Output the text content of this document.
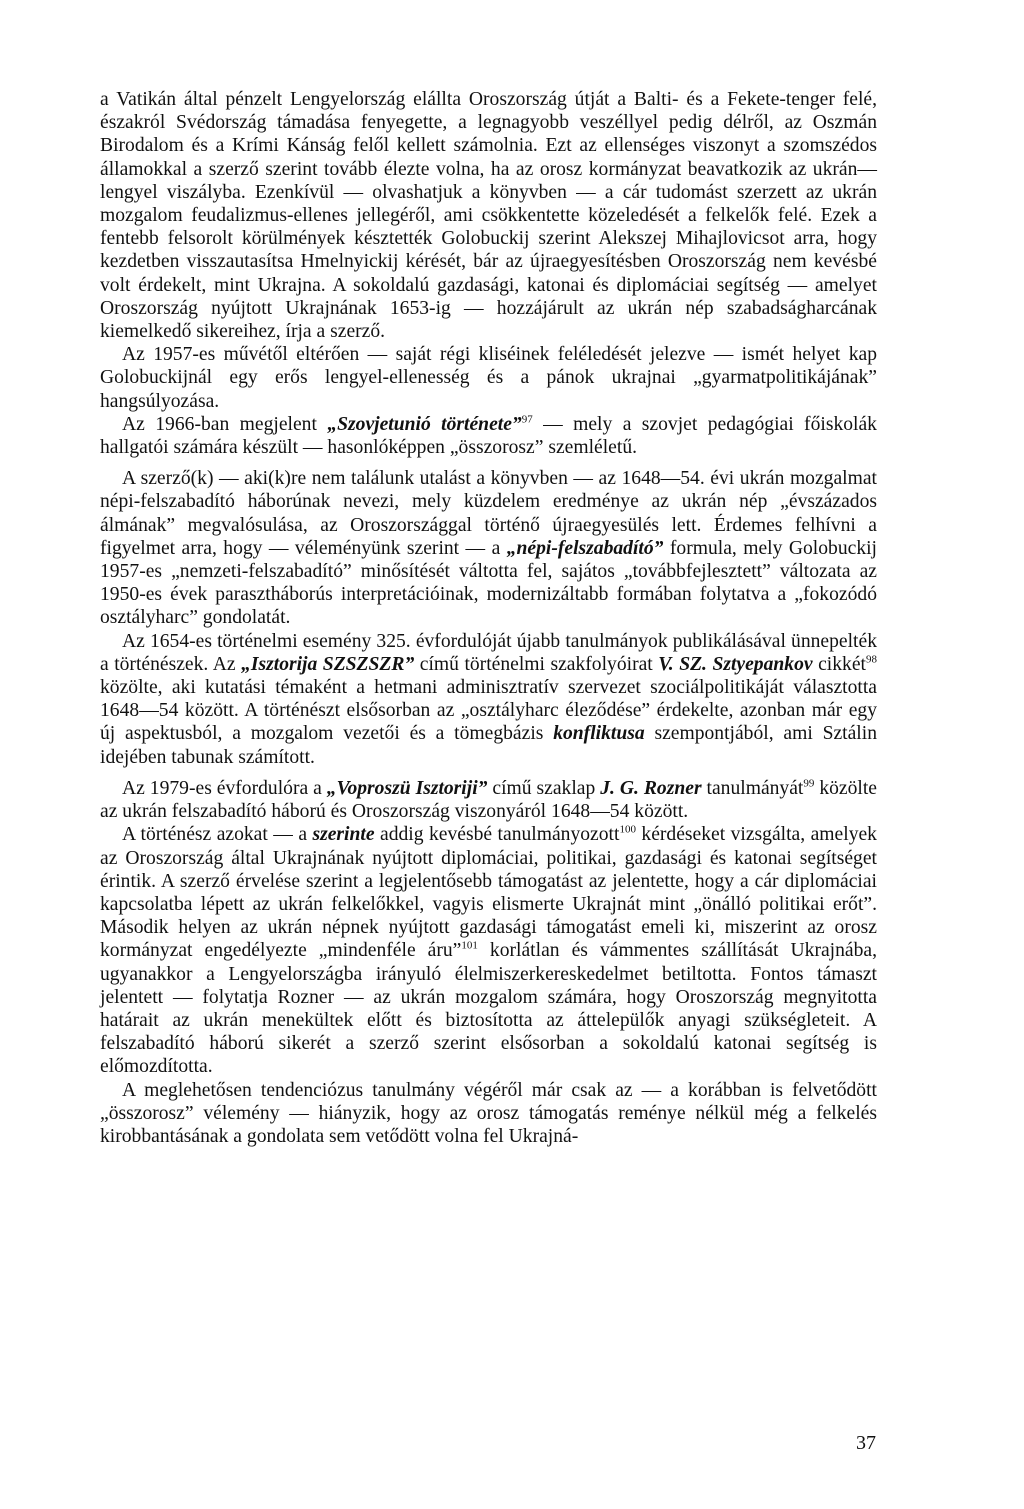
a Vatikán által pénzelt Lengyelország elállta Oroszország útját a Balti- és a Fekete-tenger felé, északról Svédország támadása fenyegette, a legnagyobb veszéllyel pedig délről, az Oszmán Birodalom és a Krími Kánság felől kellett számolnia. Ezt az ellenséges viszonyt a szomszédos államokkal a szerző szerint tovább élezte volna, ha az orosz kormányzat beavatkozik az ukrán—lengyel viszályba. Ezenkívül — olvashatjuk a könyvben — a cár tudomást szerzett az ukrán mozgalom feudalizmus-ellenes jellegéről, ami csökkentette közeledését a felkelők felé. Ezek a fentebb felsorolt körülmények késztették Golobuckij szerint Alekszej Mihajlovicsot arra, hogy kezdetben visszautasítsa Hmelnyickij kérését, bár az újraegyesítésben Oroszország nem kevésbé volt érdekelt, mint Ukrajna. A sokoldalú gazdasági, katonai és diplomáciai segítség — amelyet Oroszország nyújtott Ukrajnának 1653-ig — hozzájárult az ukrán nép szabadságharcának kiemelkedő sikereihez, írja a szerző.

Az 1957-es művétől eltérően — saját régi kliséinek feléledését jelezve — ismét helyet kap Golobuckijnál egy erős lengyel-ellenesség és a pánok ukrajnai „gyarmatpolitikájának” hangsúlyozása.

Az 1966-ban megjelent „Szovjetunió története”$^{97}$ — mely a szovjet pedagógiai főiskolák hallgatói számára készült — hasonlóképpen „összorosz” szemléletű.

A szerző(k) — aki(k)re nem találunk utalást a könyvben — az 1648—54. évi ukrán mozgalmat népi-felszabadító háborúnak nevezi, mely küzdelem eredménye az ukrán nép „évszázados álmának” megvalósulása, az Oroszországgal történő újraegyesülés lett. Érdemes felhívni a figyelmet arra, hogy — véleményünk szerint — a „népi-felszabadító” formula, mely Golobuckij 1957-es „nemzeti-felszabadító” minősítését váltotta fel, sajátos „továbbfejlesztett” változata az 1950-es évek parasztháborús interpretációinak, modernizáltabb formában folytatva a „fokozódó osztályharc” gondolatát.

Az 1654-es történelmi esemény 325. évfordulóját újabb tanulmányok publikálásával ünnepelték a történészek. Az „Isztorija SZSZSZR” című történelmi szakfolyóirat V. SZ. Sztyepankov cikkét$^{98}$ közölte, aki kutatási témaként a hetmani adminisztratív szervezet szociálpolitikáját választotta 1648—54 között. A történészt elsősorban az „osztályharc éleződése” érdekelte, azonban már egy új aspektusból, a mozgalom vezetői és a tömegbázis konfliktusa szempontjából, ami Sztálin idejében tabunak számított.

Az 1979-es évfordulóra a „Voproszü Isztoriji” című szaklap J. G. Rozner tanulmányát$^{99}$ közölte az ukrán felszabadító háború és Oroszország viszonyáról 1648—54 között.

A történész azokat — a szerinte addig kevésbé tanulmányozott$^{100}$ kérdéseket vizsgálta, amelyek az Oroszország által Ukrajnának nyújtott diplomáciai, politikai, gazdasági és katonai segítséget érintik. A szerző érvelése szerint a legjelentősebb támogatást az jelentette, hogy a cár diplomáciai kapcsolatba lépett az ukrán felkelőkkel, vagyis elismerte Ukrajnát mint „önálló politikai erőt”. Második helyen az ukrán népnek nyújtott gazdasági támogatást emeli ki, miszerint az orosz kormányzat engedélyezte „mindenféle áru”$^{101}$ korlátlan és vámmentes szállítását Ukrajnába, ugyanakkor a Lengyelországba irányuló élelmiszerkereskedelmet betiltotta. Fontos támaszt jelentett — folytatja Rozner — az ukrán mozgalom számára, hogy Oroszország megnyitotta határait az ukrán menekültek előtt és biztosította az áttelepülők anyagi szükségleteit. A felszabadító háború sikerét a szerző szerint elsősorban a sokoldalú katonai segítség is előmozdította.

A meglehetősen tendenciózus tanulmány végéről már csak az — a korábban is felvetődött „összorosz” vélemény — hiányzik, hogy az orosz támogatás reménye nélkül még a felkelés kirobbantásának a gondolata sem vetődött volna fel Ukrajná-

37
